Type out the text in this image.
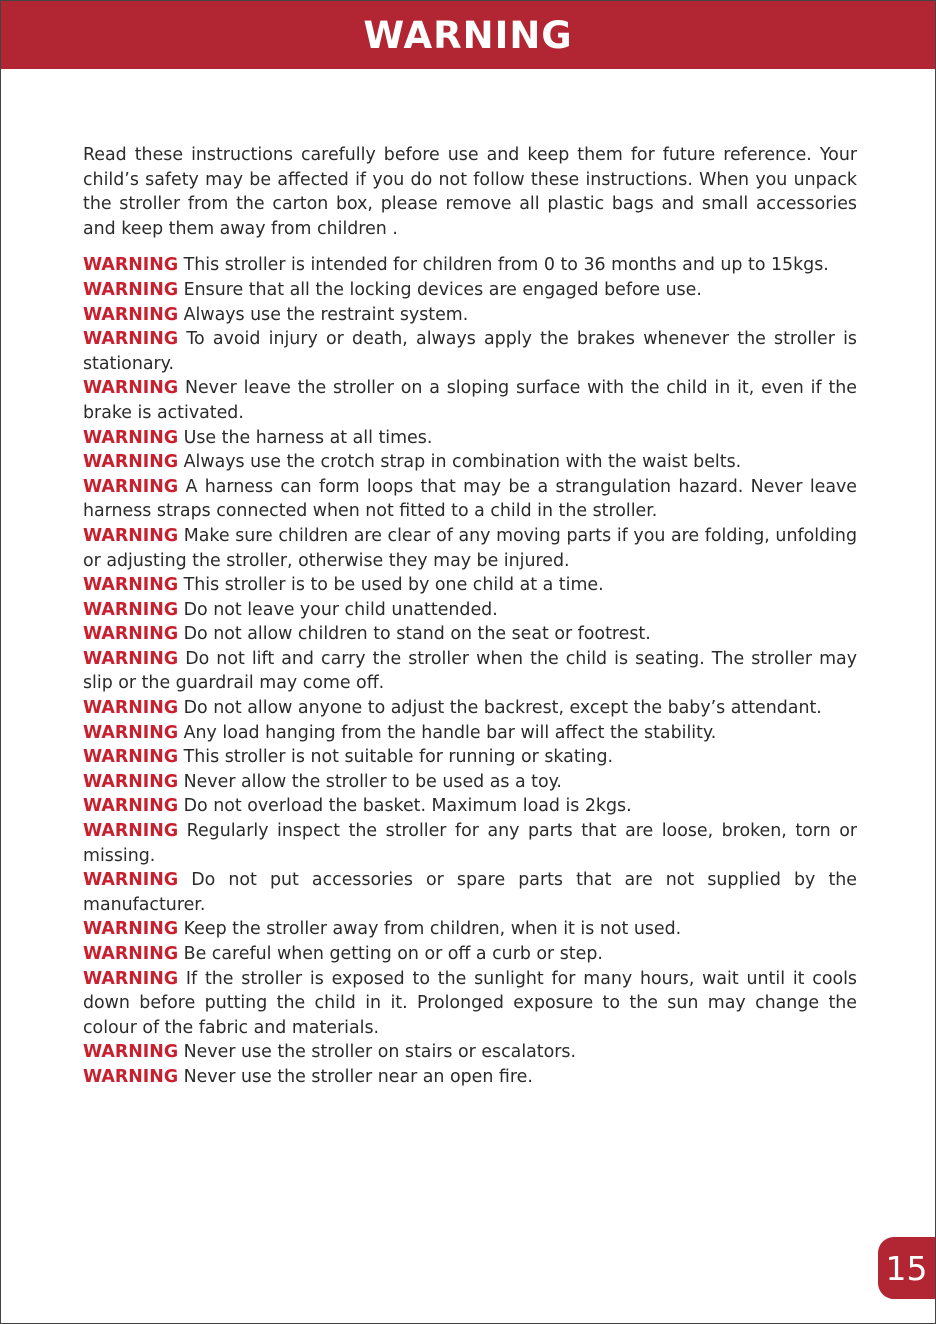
WARNING

Read these instructions carefully before use and keep them for future reference. Your child’s safety may be affected if you do not follow these instructions. When you unpack the stroller from the carton box, please remove all plastic bags and small accessories and keep them away from children .

WARNING This stroller is intended for children from 0 to 36 months and up to 15kgs.

WARNING Ensure that all the locking devices are engaged before use.

WARNING Always use the restraint system.

WARNING To avoid injury or death, always apply the brakes whenever the stroller is stationary.

WARNING Never leave the stroller on a sloping surface with the child in it, even if the brake is activated.

WARNING Use the harness at all times.

WARNING Always use the crotch strap in combination with the waist belts.

WARNING A harness can form loops that may be a strangulation hazard. Never leave harness straps connected when not fitted to a child in the stroller.

WARNING Make sure children are clear of any moving parts if you are folding, unfolding or adjusting the stroller, otherwise they may be injured.

WARNING This stroller is to be used by one child at a time.

WARNING Do not leave your child unattended.

WARNING Do not allow children to stand on the seat or footrest.

WARNING Do not lift and carry the stroller when the child is seating. The stroller may slip or the guardrail may come off.

WARNING Do not allow anyone to adjust the backrest, except the baby’s attendant.

WARNING Any load hanging from the handle bar will affect the stability.

WARNING This stroller is not suitable for running or skating.

WARNING Never allow the stroller to be used as a toy.

WARNING Do not overload the basket. Maximum load is 2kgs.

WARNING Regularly inspect the stroller for any parts that are loose, broken, torn or missing.

WARNING Do not put accessories or spare parts that are not supplied by the manufacturer.

WARNING Keep the stroller away from children, when it is not used.

WARNING Be careful when getting on or off a curb or step.

WARNING If the stroller is exposed to the sunlight for many hours, wait until it cools down before putting the child in it. Prolonged exposure to the sun may change the colour of the fabric and materials.

WARNING Never use the stroller on stairs or escalators.

WARNING Never use the stroller near an open fire.

15
